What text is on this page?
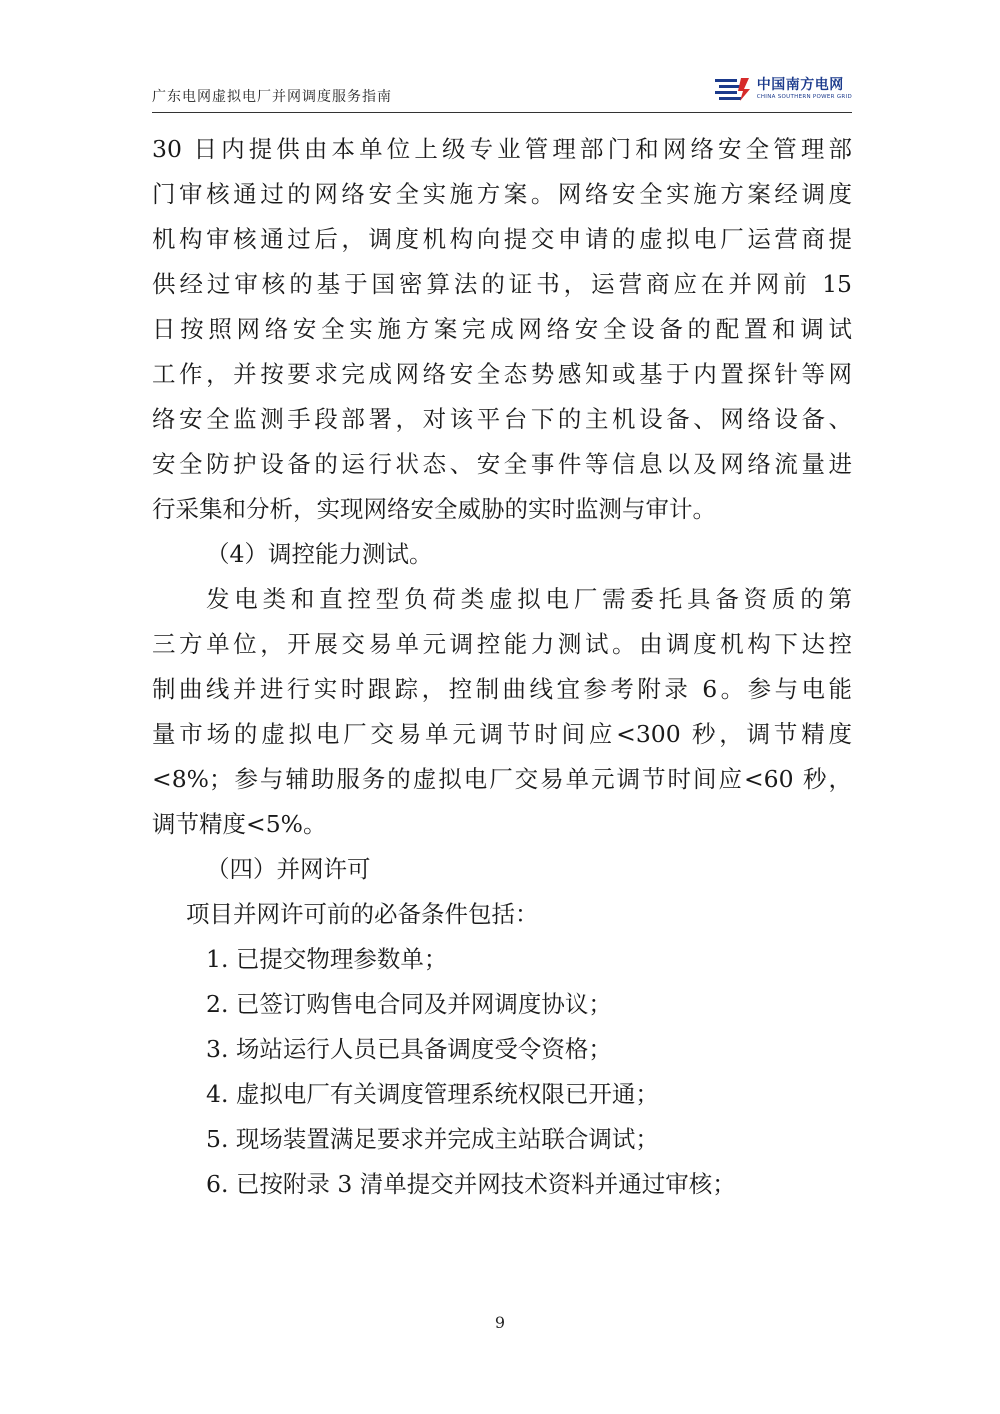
广东电网虚拟电厂并网调度服务指南
中国南方电网
CHINA SOUTHERN POWER GRID
30 日内提供由本单位上级专业管理部门和网络安全管理部
门审核通过的网络安全实施方案。网络安全实施方案经调度
机构审核通过后，调度机构向提交申请的虚拟电厂运营商提
供经过审核的基于国密算法的证书，运营商应在并网前 15
日按照网络安全实施方案完成网络安全设备的配置和调试
工作，并按要求完成网络安全态势感知或基于内置探针等网
络安全监测手段部署，对该平台下的主机设备、网络设备、
安全防护设备的运行状态、安全事件等信息以及网络流量进
行采集和分析，实现网络安全威胁的实时监测与审计。
（4）调控能力测试。
发电类和直控型负荷类虚拟电厂需委托具备资质的第
三方单位，开展交易单元调控能力测试。由调度机构下达控
制曲线并进行实时跟踪，控制曲线宜参考附录 6。参与电能
量市场的虚拟电厂交易单元调节时间应<300 秒，调节精度
<8%；参与辅助服务的虚拟电厂交易单元调节时间应<60 秒，
调节精度<5%。
（四）并网许可
项目并网许可前的必备条件包括：
1. 已提交物理参数单；
2. 已签订购售电合同及并网调度协议；
3. 场站运行人员已具备调度受令资格；
4. 虚拟电厂有关调度管理系统权限已开通；
5. 现场装置满足要求并完成主站联合调试；
6. 已按附录 3 清单提交并网技术资料并通过审核；
9
